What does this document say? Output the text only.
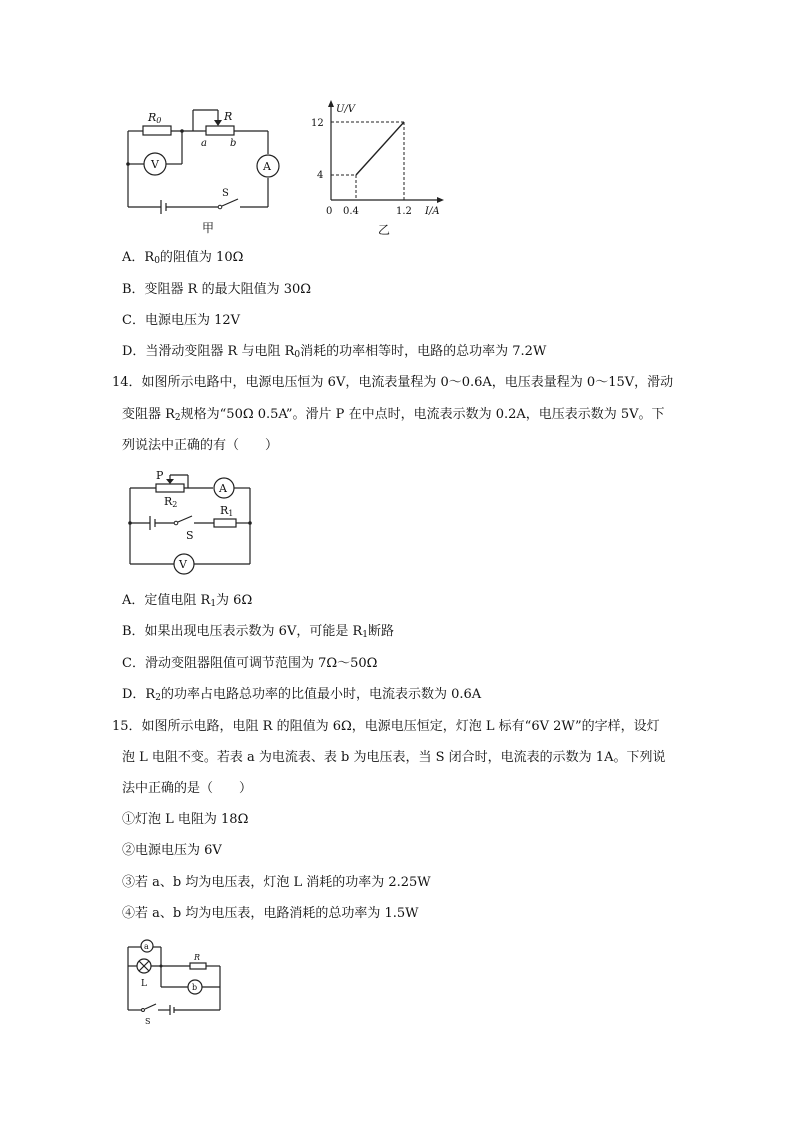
R0	R
a b
A
V
S
甲
U/V
I/A
0
4
12
0.4	1.2
乙
A．$R_0$的阻值为 10Ω
B．变阻器 R 的最大阻值为 30Ω
C．电源电压为 12V
D．当滑动变阻器 R 与电阻 $R_0$消耗的功率相等时，电路的总功率为 7.2W
14．如图所示电路中，电源电压恒为 6V，电流表量程为 0～0.6A，电压表量程为 0～15V，滑动
变阻器 $R_2$规格为“50Ω 0.5A”。滑片 P 在中点时，电流表示数为 0.2A，电压表示数为 5V。下
列说法中正确的有（　　）
P
R2
A
S
R1
V
A．定值电阻 $R_1$为 6Ω
B．如果出现电压表示数为 6V，可能是 $R_1$断路
C．滑动变阻器阻值可调节范围为 7Ω～50Ω
D．$R_2$的功率占电路总功率的比值最小时，电流表示数为 0.6A
15．如图所示电路，电阻 R 的阻值为 6Ω，电源电压恒定，灯泡 L 标有“6V 2W”的字样，设灯
泡 L 电阻不变。若表 a 为电流表、表 b 为电压表，当 S 闭合时，电流表的示数为 1A。下列说
法中正确的是（　　）
①灯泡 L 电阻为 18Ω
②电源电压为 6V
③若 a、b 均为电压表，灯泡 L 消耗的功率为 2.25W
④若 a、b 均为电压表，电路消耗的总功率为 1.5W
a
L
R
b
S
